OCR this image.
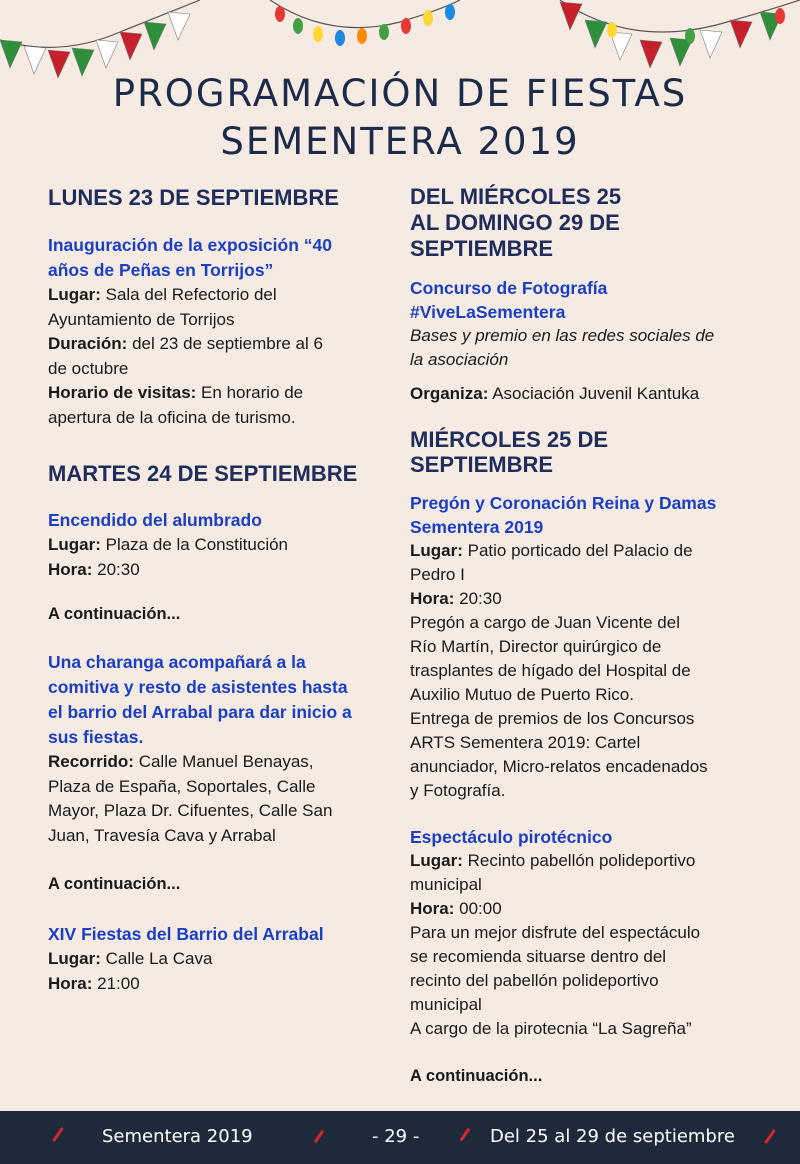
PROGRAMACIÓN DE FIESTAS
SEMENTERA 2019
LUNES 23 DE SEPTIEMBRE
Inauguración de la exposición “40
años de Peñas en Torrijos”
Lugar: Sala del Refectorio del
Ayuntamiento de Torrijos
Duración: del 23 de septiembre al 6
de octubre
Horario de visitas: En horario de
apertura de la oficina de turismo.
MARTES 24 DE SEPTIEMBRE
Encendido del alumbrado
Lugar: Plaza de la Constitución
Hora: 20:30
A continuación...
Una charanga acompañará a la
comitiva y resto de asistentes hasta
el barrio del Arrabal para dar inicio a
sus fiestas.
Recorrido: Calle Manuel Benayas,
Plaza de España, Soportales, Calle
Mayor, Plaza Dr. Cifuentes, Calle San
Juan, Travesía Cava y Arrabal
A continuación...
XIV Fiestas del Barrio del Arrabal
Lugar: Calle La Cava
Hora: 21:00
DEL MIÉRCOLES 25
AL DOMINGO 29 DE
SEPTIEMBRE
Concurso de Fotografía
#ViveLaSementera
Bases y premio en las redes sociales de
la asociación
Organiza: Asociación Juvenil Kantuka
MIÉRCOLES 25 DE
SEPTIEMBRE
Pregón y Coronación Reina y Damas
Sementera 2019
Lugar: Patio porticado del Palacio de
Pedro I
Hora: 20:30
Pregón a cargo de Juan Vicente del
Río Martín, Director quirúrgico de
trasplantes de hígado del Hospital de
Auxilio Mutuo de Puerto Rico.
Entrega de premios de los Concursos
ARTS Sementera 2019: Cartel
anunciador, Micro-relatos encadenados
y Fotografía.
Espectáculo pirotécnico
Lugar: Recinto pabellón polideportivo
municipal
Hora: 00:00
Para un mejor disfrute del espectáculo
se recomienda situarse dentro del
recinto del pabellón polideportivo
municipal
A cargo de la pirotecnia “La Sagreña”
A continuación...
Sementera 2019	- 29 -	Del 25 al 29 de septiembre
